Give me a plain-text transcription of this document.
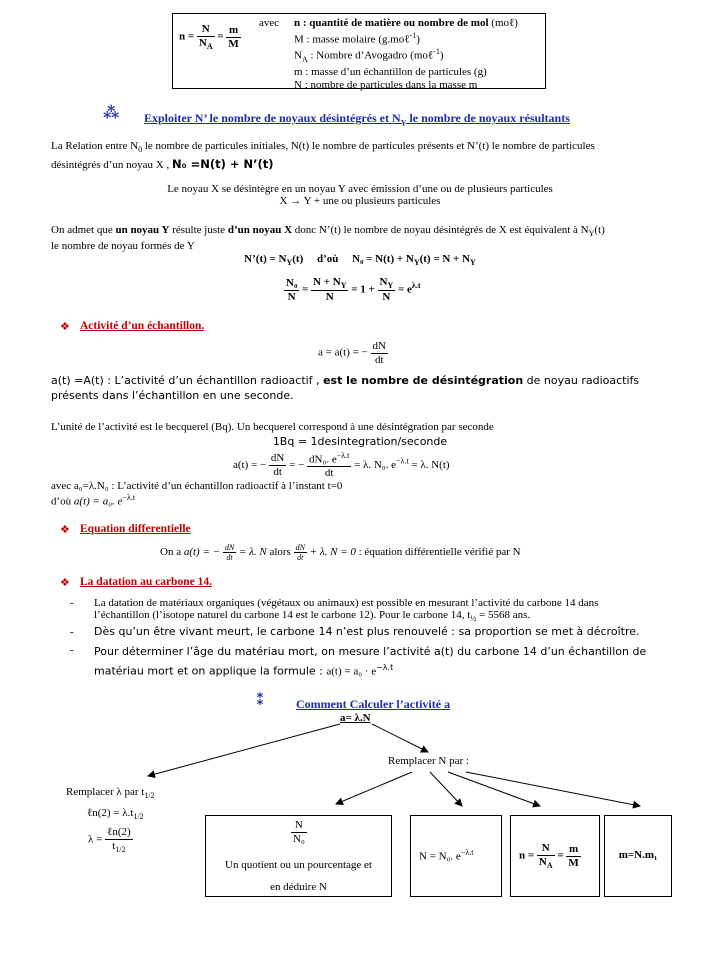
$n = \frac{N}{N_A} = \frac{m}{M}$
avec n : quantité de matière ou nombre de mol (moℓ)
M : masse molaire (g.moℓ$^{-1}$)
$N_A$ : Nombre d’Avogadro (moℓ$^{-1}$)
m : masse d’un échantillon de particules (g)
N : nombre de particules dans la masse m
⁂ Exploiter N’ le nombre de noyaux désintégrés et $N_Y$ le nombre de noyaux résultants
La Relation entre $N_0$ le nombre de particules initiales, N(t) le nombre de particules présents et N’(t) le nombre de particules
désintégrés d’un noyau X , N₀ =N(t) + N’(t)
Le noyau X se désintègre en un noyau Y avec émission d’une ou de plusieurs particules
X → Y + une ou plusieurs particules
On admet que un noyau Y résulte juste d’un noyau X donc N’(t) le nombre de noyau désintégrés de X est équivalent à $N_Y(t)$
le nombre de noyau formés de Y
N’(t) = $N_Y(t)$ d’où $N_0 = N(t) + N_Y(t) = N + N_Y$
$\frac{\text{N₀}}{N} = \frac{N + N_Y}{N} = 1 + \frac{N_Y}{N} = e^{\lambda.t}$
❖ Activité d’un échantillon.
a = a(t) = − $\frac{dN}{dt}$
a(t) =A(t) : L’activité d’un échantillon radioactif , est le nombre de désintégration de noyau radioactifs
présents dans l’échantillon en une seconde.
L’unité de l’activité est le becquerel (Bq). Un becquerel correspond à une désintégration par seconde
1Bq = 1desintegration/seconde
a(t) = − $\frac{dN}{dt}$ = − $\frac{dN_0. e^{-\lambda.t}}{dt} = \lambda$. N₀. $e^{-\lambda.t} = \lambda$. N(t)
avec a₀=λ.N₀ : L’activité d’un échantillon radioactif à l’instant t=0
d’où a(t) = a₀. $e^{-\lambda.t}$
❖ Equation differentielle
On a a(t) = − $\frac{dN}{dt} = \lambda$. N alors $\frac{dN}{dt} + \lambda$. N = 0 : équation différentielle vérifié par N
❖ La datation au carbone 14.
- La datation de matériaux organiques (végétaux ou animaux) est possible en mesurant l’activité du carbone 14 dans
l’échantillon (l’isotope naturel du carbone 14 est le carbone 12). Pour le carbone 14, $t_{\frac{1}{2}} = 5568$ ans.
- Dès qu’un être vivant meurt, le carbone 14 n’est plus renouvelé : sa proportion se met à décroître.
- Pour déterminer l’âge du matériau mort, on mesure l’activité a(t) du carbone 14 d’un échantillon de
matériau mort et on applique la formule : $a(t) = a_0 \cdot e^{-\lambda.t}$
⁑	Comment Calculer l’activité a
a= λ.N
Remplacer λ par $t_{1/2}$
ℓn(2) = $\lambda.t_{1/2}$
$\lambda = \frac{\text{ℓn(2)}}{t_{1/2}}$
Remplacer N par :
$\frac{N}{\text{N₀}}$
Un quotient ou un pourcentage et
en déduire N
N = N₀. $e^{-\lambda.t}$	$n = \frac{N}{N_A} = \frac{m}{M}$	m=N.m₁
